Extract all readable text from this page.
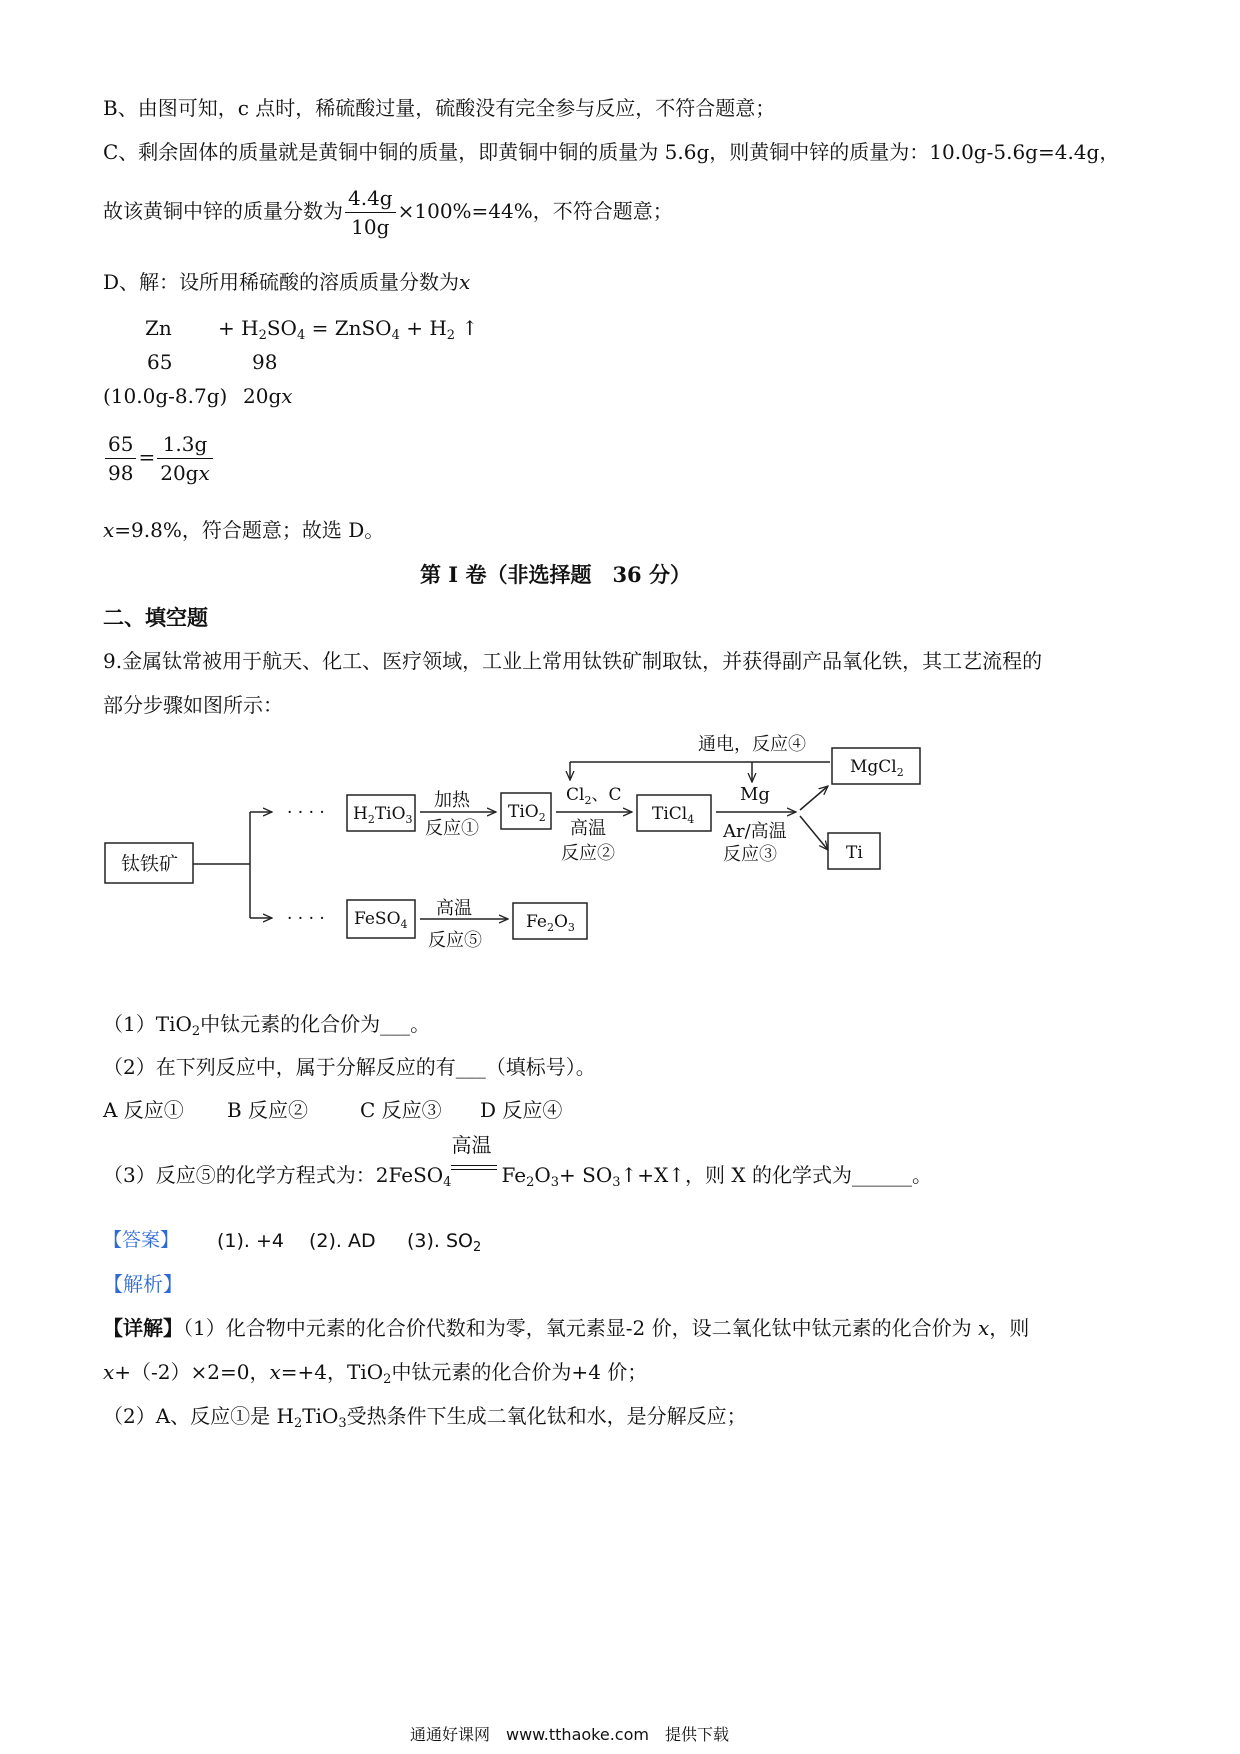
B、由图可知，c 点时，稀硫酸过量，硫酸没有完全参与反应，不符合题意；
C、剩余固体的质量就是黄铜中铜的质量，即黄铜中铜的质量为 5.6g，则黄铜中锌的质量为：10.0g-5.6g=4.4g，
故该黄铜中锌的质量分数为 $\frac{4.4g}{10g} \times 100\%=44\%$，不符合题意；
D、解：设所用稀硫酸的溶质质量分数为x
$Zn + H_2SO_4$ = ZnSO$_4$ + $H_2$ ↑
65	98
(10.0g-8.7g) 20gx
$\frac{65}{98} = \frac{1.3g}{20gx}$
x=9.8%，符合题意；故选 D。
第 I 卷（非选择题　36 分）
二、填空题
9.金属钛常被用于航天、化工、医疗领域，工业上常用钛铁矿制取钛，并获得副产品氧化铁，其工艺流程的
部分步骤如图所示：
· · · ·
· · · ·
钛铁矿
$H_2TiO_3$	TiO$_2$	TiCl$_4$
MgCl$_2$
Ti
FeSO$_4$	$Fe_2O_3$
加热
反应①
$Cl_2$、C
高温
反应②
Mg
Ar/高温
反应③
通电，反应④
高温
反应⑤
（1）TiO$_2$中钛元素的化合价为___。
（2）在下列反应中，属于分解反应的有___（填标号）。
A 反应① B 反应②	C 反应③ D 反应④
（3）反应⑤的化学方程式为：2FeSO$_4$
高温
$Fe_2O_3+$ $SO_3↑+X↑$，则 X 的化学式为______。
【答案】 (1). +4 (2). AD (3). $SO_2$
【解析】
【详解】（1）化合物中元素的化合价代数和为零，氧元素显-2 价，设二氧化钛中钛元素的化合价为 x，则
x+（-2）×2=0，x=+4，TiO$_2$中钛元素的化合价为+4 价；
（2）A、反应①是 $H_2TiO_3$受热条件下生成二氧化钛和水，是分解反应；
通通好课网　www.tthaoke.com　提供下载
